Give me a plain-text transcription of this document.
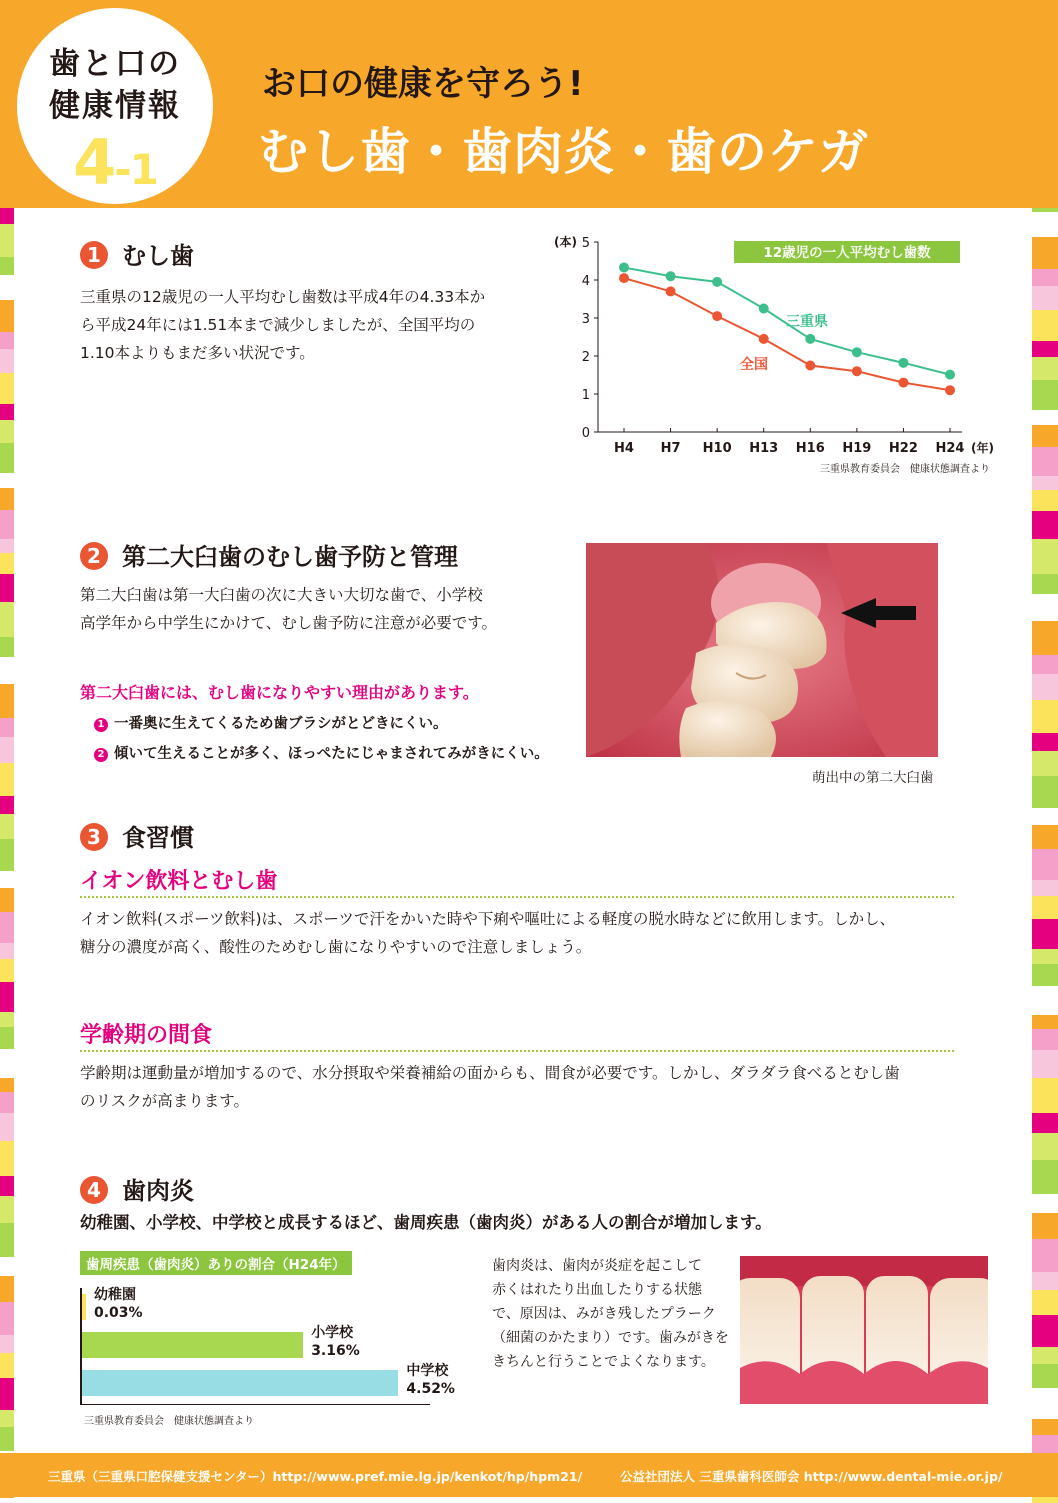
歯と口の
健康情報
4-1
お口の健康を守ろう!
むし歯・歯肉炎・歯のケガ
1 むし歯
三重県の12歳児の一人平均むし歯数は平成4年の4.33本か
ら平成24年には1.51本まで減少しましたが、全国平均の
1.10本よりもまだ多い状況です。
0
1
2
3
4
5
(本)
H4 H7 H10 H13 H16 H19 H22 H24 (年)
12歳児の一人平均むし歯数
三重県
全国
三重県教育委員会　健康状態調査より
2 第二大臼歯のむし歯予防と管理
第二大臼歯は第一大臼歯の次に大きい大切な歯で、小学校
高学年から中学生にかけて、むし歯予防に注意が必要です。
第二大臼歯には、むし歯になりやすい理由があります。
1 一番奥に生えてくるため歯ブラシがとどきにくい。
2 傾いて生えることが多く、ほっぺたにじゃまされてみがきにくい。
萌出中の第二大臼歯
3 食習慣
イオン飲料とむし歯
イオン飲料(スポーツ飲料)は、スポーツで汗をかいた時や下痢や嘔吐による軽度の脱水時などに飲用します。しかし、
糖分の濃度が高く、酸性のためむし歯になりやすいので注意しましょう。
学齢期の間食
学齢期は運動量が増加するので、水分摂取や栄養補給の面からも、間食が必要です。しかし、ダラダラ食べるとむし歯
のリスクが高まります。
4 歯肉炎
幼稚園、小学校、中学校と成長するほど、歯周疾患（歯肉炎）がある人の割合が増加します。
歯周疾患（歯肉炎）ありの割合（H24年）
幼稚園
0.03%
小学校
3.16%
中学校
4.52%
三重県教育委員会　健康状態調査より
歯肉炎は、歯肉が炎症を起こして
赤くはれたり出血したりする状態
で、原因は、みがき残したプラーク
（細菌のかたまり）です。歯みがきを
きちんと行うことでよくなります。
三重県（三重県口腔保健支援センター）http://www.pref.mie.lg.jp/kenkot/hp/hpm21/	公益社団法人 三重県歯科医師会 http://www.dental-mie.or.jp/
